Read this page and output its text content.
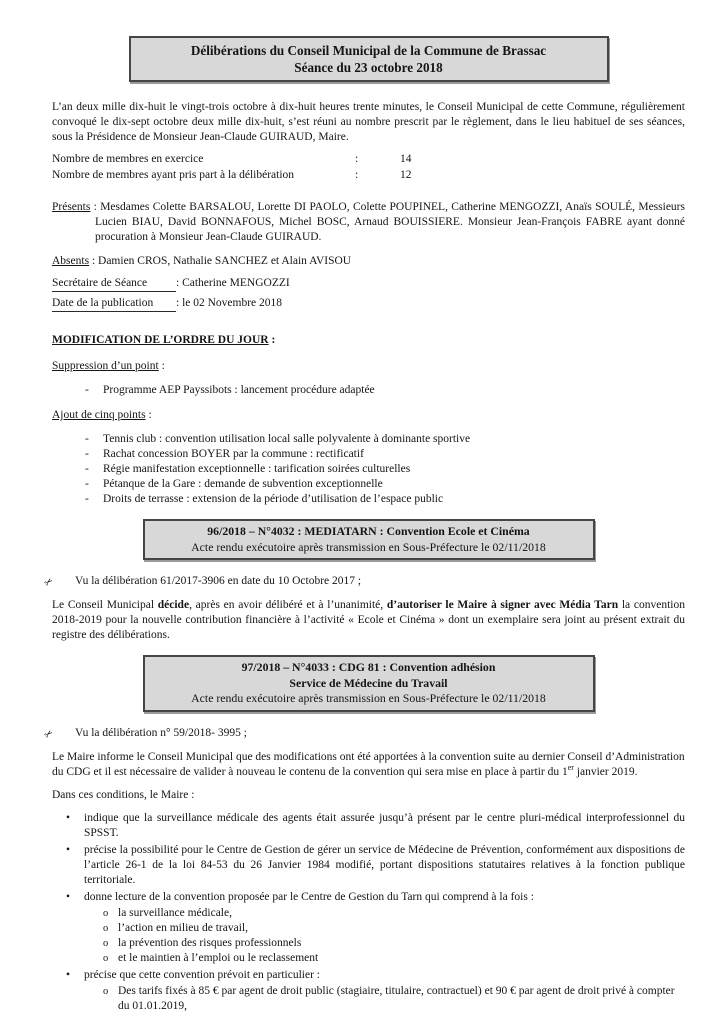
Délibérations du Conseil Municipal de la Commune de Brassac
Séance du 23 octobre 2018

L’an deux mille dix-huit le vingt-trois octobre à dix-huit heures trente minutes, le Conseil Municipal de cette Commune, régulièrement convoqué le dix-sept octobre deux mille dix-huit, s’est réuni au nombre prescrit par le règlement, dans le lieu habituel de ses séances, sous la Présidence de Monsieur Jean-Claude GUIRAUD, Maire.

Nombre de membres en exercice	:	14
Nombre de membres ayant pris part à la délibération	:	12

Présents : Mesdames Colette BARSALOU, Lorette DI PAOLO, Colette POUPINEL, Catherine MENGOZZI, Anaïs SOULÉ, Messieurs Lucien BIAU, David BONNAFOUS, Michel BOSC, Arnaud BOUISSIERE. Monsieur Jean-François FABRE ayant donné procuration à Monsieur Jean-Claude GUIRAUD.

Absents : Damien CROS, Nathalie SANCHEZ et Alain AVISOU

Secrétaire de Séance	: Catherine MENGOZZI

Date de la publication : le 02 Novembre 2018

MODIFICATION DE L’ORDRE DU JOUR :

Suppression d’un point :

- Programme AEP Payssibots : lancement procédure adaptée

Ajout de cinq points :

- Tennis club : convention utilisation local salle polyvalente à dominante sportive
- Rachat concession BOYER par la commune : rectificatif
- Régie manifestation exceptionnelle : tarification soirées culturelles
- Pétanque de la Gare : demande de subvention exceptionnelle
- Droits de terrasse : extension de la période d’utilisation de l’espace public
96/2018 – N°4032 : MEDIATARN : Convention Ecole et Cinéma
Acte rendu exécutoire après transmission en Sous-Préfecture le 02/11/2018
✂ Vu la délibération 61/2017-3906 en date du 10 Octobre 2017 ;

Le Conseil Municipal décide, après en avoir délibéré et à l’unanimité, d’autoriser le Maire à signer avec Média Tarn la convention 2018-2019 pour la nouvelle contribution financière à l’activité « Ecole et Cinéma » dont un exemplaire sera joint au présent extrait du registre des délibérations.

97/2018 – N°4033 : CDG 81 : Convention adhésion
Service de Médecine du Travail
Acte rendu exécutoire après transmission en Sous-Préfecture le 02/11/2018
✂ Vu la délibération n° 59/2018- 3995 ;

Le Maire informe le Conseil Municipal que des modifications ont été apportées à la convention suite au dernier Conseil d’Administration du CDG et il est nécessaire de valider à nouveau le contenu de la convention qui sera mise en place à partir du 1er janvier 2019.

Dans ces conditions, le Maire :

• indique que la surveillance médicale des agents était assurée jusqu’à présent par le centre pluri-médical interprofessionnel du SPSST.
• précise la possibilité pour le Centre de Gestion de gérer un service de Médecine de Prévention, conformément aux dispositions de l’article 26-1 de la loi 84-53 du 26 Janvier 1984 modifié, portant dispositions statutaires relatives à la fonction publique territoriale.
• donne lecture de la convention proposée par le Centre de Gestion du Tarn qui comprend à la fois :
o la surveillance médicale,
o l’action en milieu de travail,
o la prévention des risques professionnels
o et le maintien à l’emploi ou le reclassement
• précise que cette convention prévoit en particulier :
o Des tarifs fixés à 85 € par agent de droit public (stagiaire, titulaire, contractuel) et 90 € par agent de droit privé à compter du 01.01.2019,
